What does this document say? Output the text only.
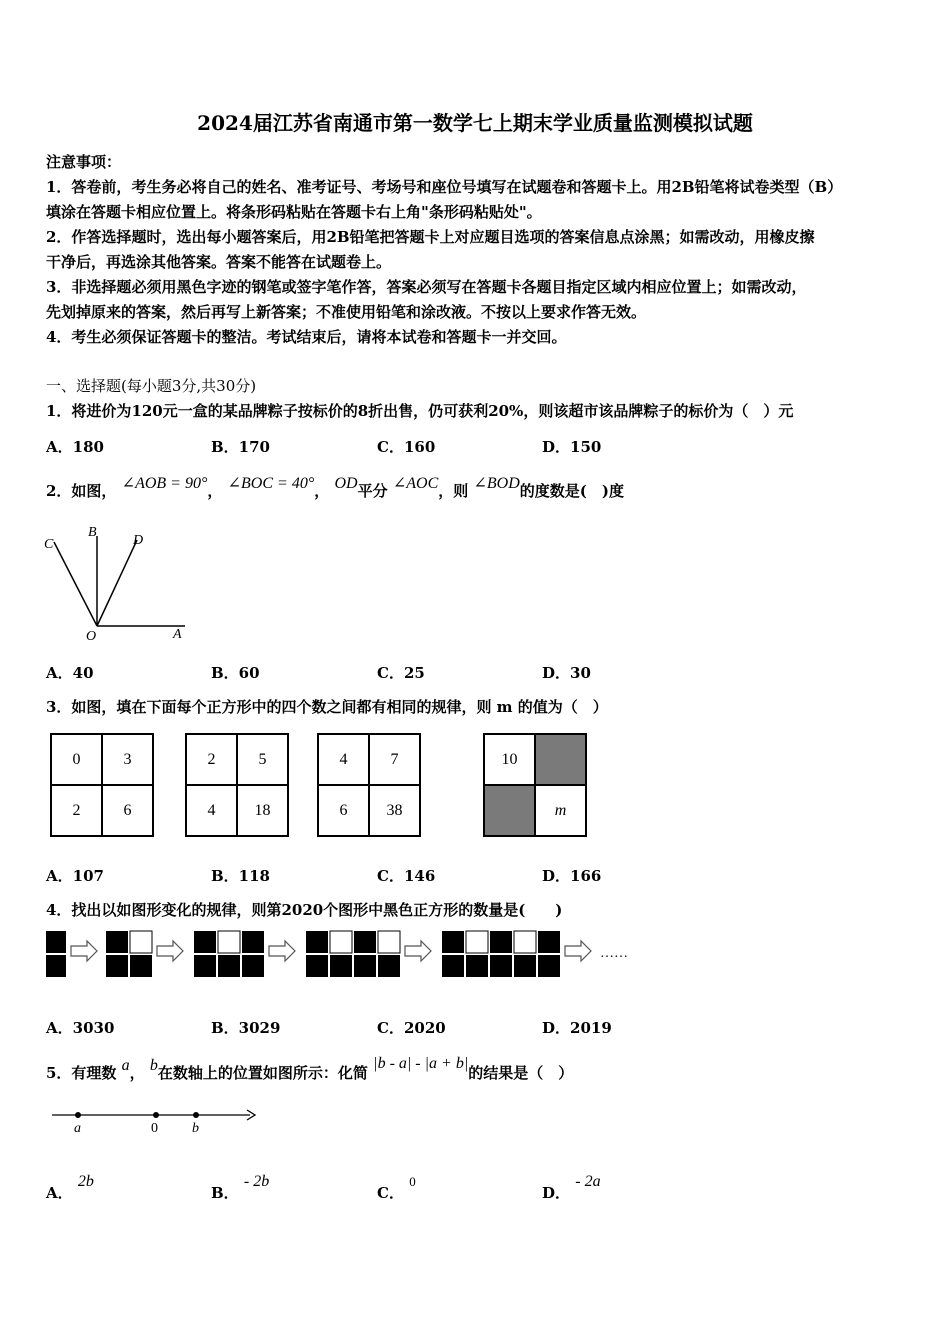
2024届江苏省南通市第一数学七上期末学业质量监测模拟试题
注意事项：
1．答卷前，考生务必将自己的姓名、准考证号、考场号和座位号填写在试题卷和答题卡上。用2B铅笔将试卷类型（B）
填涂在答题卡相应位置上。将条形码粘贴在答题卡右上角"条形码粘贴处"。
2．作答选择题时，选出每小题答案后，用2B铅笔把答题卡上对应题目选项的答案信息点涂黑；如需改动，用橡皮擦
干净后，再选涂其他答案。答案不能答在试题卷上。
3．非选择题必须用黑色字迹的钢笔或签字笔作答，答案必须写在答题卡各题目指定区域内相应位置上；如需改动，
先划掉原来的答案，然后再写上新答案；不准使用铅笔和涂改液。不按以上要求作答无效。
4．考生必须保证答题卡的整洁。考试结束后，请将本试卷和答题卡一并交回。
一、选择题(每小题3分,共30分)
1．将进价为120元一盒的某品牌粽子按标价的8折出售，仍可获利20%，则该超市该品牌粽子的标价为（　）元
A．180	B．170	C．160	D．150
2．如图， ∠AOB = 90°， ∠BOC = 40°， OD平分 ∠AOC，则 ∠BOD的度数是(　)度
C
B
D
O	A
A．40	B．60	C．25	D．30
3．如图，填在下面每个正方形中的四个数之间都有相同的规律，则 m 的值为（　）
0	3
2	6
2	5
4	18
4	7
6	38
10
m
A．107	B．118	C．146	D．166
4．找出以如图形变化的规律，则第2020个图形中黑色正方形的数量是(　　)
……
A．3030	B．3029	C．2020	D．2019
5．有理数 a， b在数轴上的位置如图所示：化简 |b - a| - |a + b|的结果是（　）
a	0 b
A． 2b
B． - 2b
C． 0
D． - 2a
